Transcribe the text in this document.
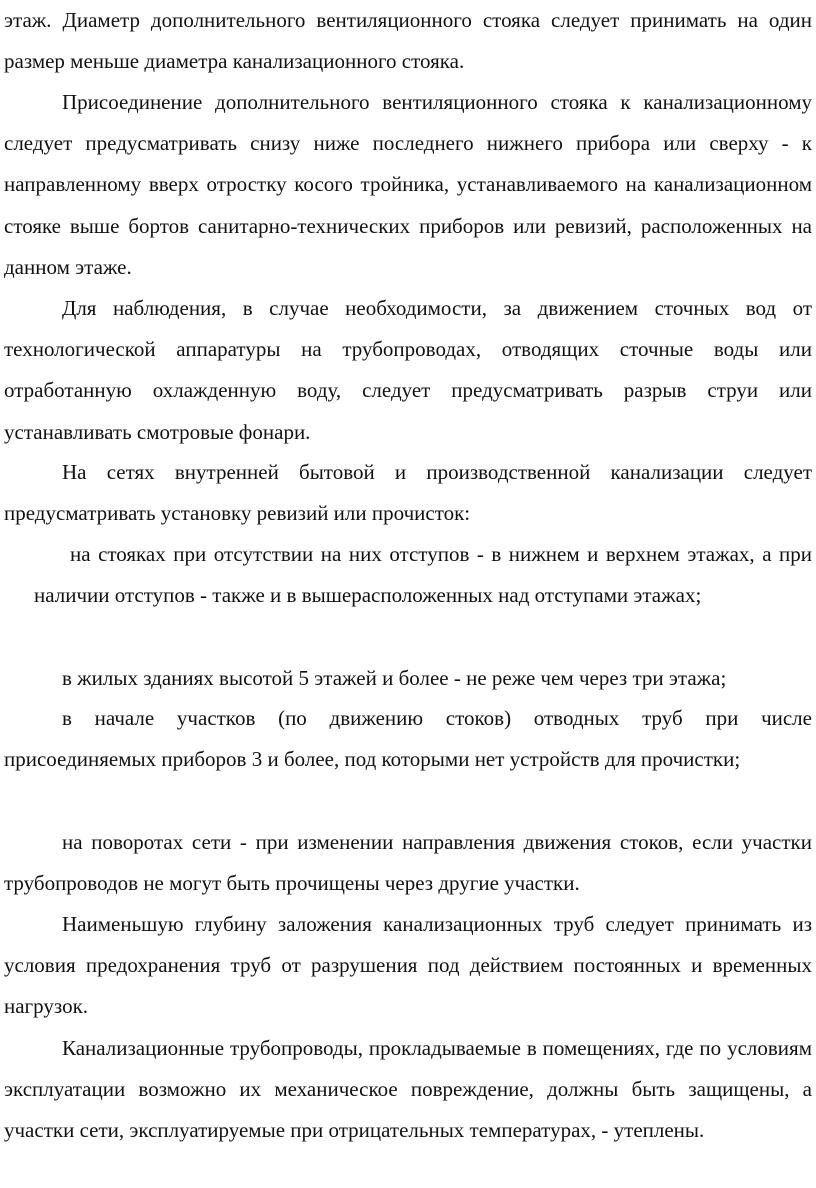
этаж. Диаметр дополнительного вентиляционного стояка следует принимать на один размер меньше диаметра канализационного стояка.

Присоединение дополнительного вентиляционного стояка к канализационному следует предусматривать снизу ниже последнего нижнего прибора или сверху - к направленному вверх отростку косого тройника, устанавливаемого на канализационном стояке выше бортов санитарно-технических приборов или ревизий, расположенных на данном этаже.

Для наблюдения, в случае необходимости, за движением сточных вод от технологической аппаратуры на трубопроводах, отводящих сточные воды или отработанную охлажденную воду, следует предусматривать разрыв струи или устанавливать смотровые фонари.

На сетях внутренней бытовой и производственной канализации следует предусматривать установку ревизий или прочисток:

на стояках при отсутствии на них отступов - в нижнем и верхнем этажах, а при наличии отступов - также и в вышерасположенных над отступами этажах;

в жилых зданиях высотой 5 этажей и более - не реже чем через три этажа;

в начале участков (по движению стоков) отводных труб при числе присоединяемых приборов 3 и более, под которыми нет устройств для прочистки;

на поворотах сети - при изменении направления движения стоков, если участки трубопроводов не могут быть прочищены через другие участки.

Наименьшую глубину заложения канализационных труб следует принимать из условия предохранения труб от разрушения под действием постоянных и временных нагрузок.

Канализационные трубопроводы, прокладываемые в помещениях, где по условиям эксплуатации возможно их механическое повреждение, должны быть защищены, а участки сети, эксплуатируемые при отрицательных температурах, - утеплены.
